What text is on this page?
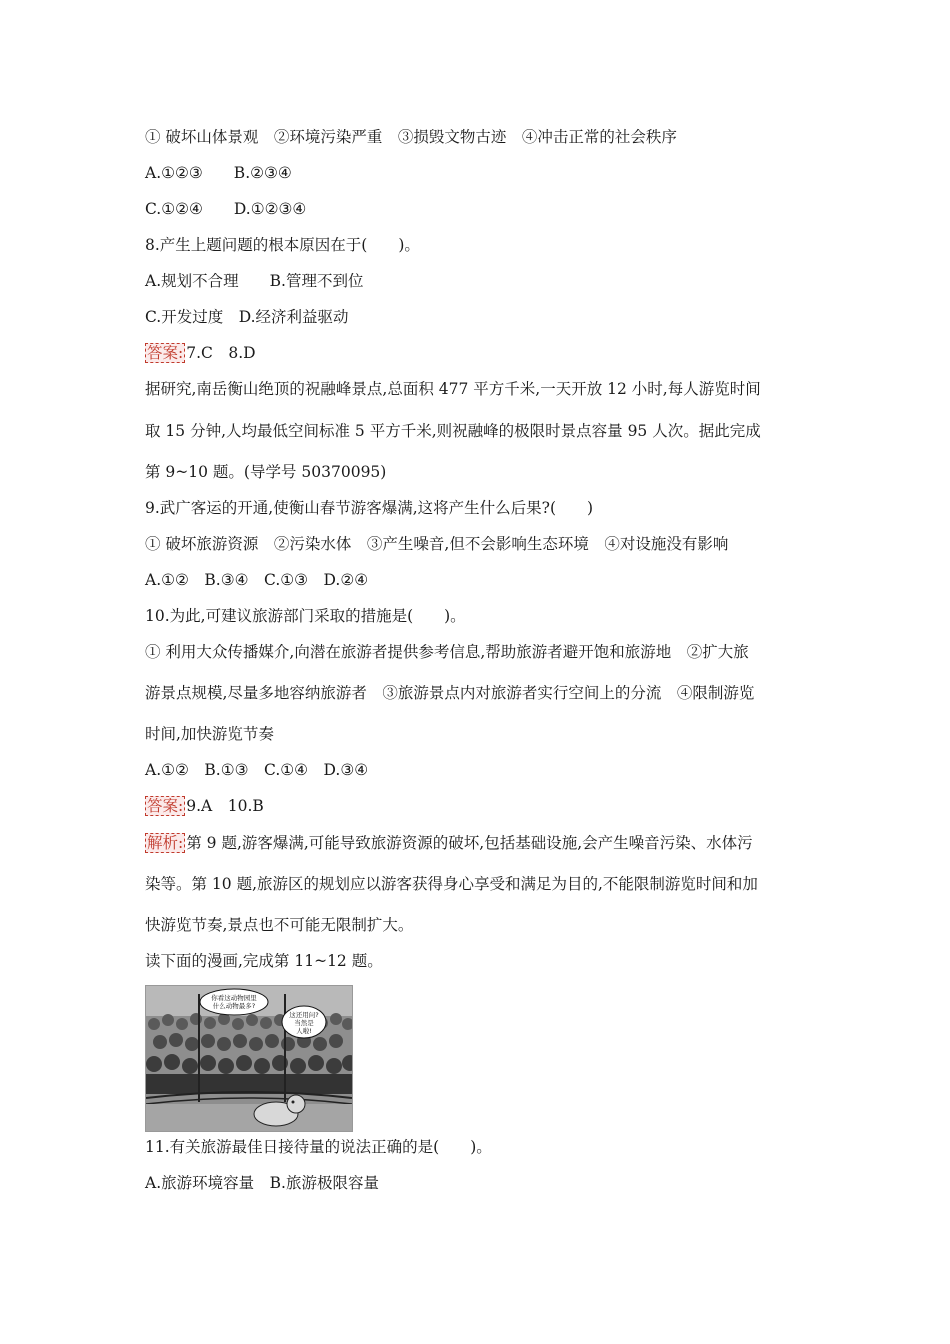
① 破坏山体景观　②环境污染严重　③损毁文物古迹　④冲击正常的社会秩序
A.①②③　　B.②③④
C.①②④　　D.①②③④
8.产生上题问题的根本原因在于(　　)。
A.规划不合理　　B.管理不到位
C.开发过度　D.经济利益驱动
答案: 7.C　8.D
据研究,南岳衡山绝顶的祝融峰景点,总面积 477 平方千米,一天开放 12 小时,每人游览时间
取 15 分钟,人均最低空间标准 5 平方千米,则祝融峰的极限时景点容量 95 人次。据此完成
第 9~10 题。(导学号 50370095)
9.武广客运的开通,使衡山春节游客爆满,这将产生什么后果?(　　)
① 破坏旅游资源　②污染水体　③产生噪音,但不会影响生态环境　④对设施没有影响
A.①②　B.③④　C.①③　D.②④
10.为此,可建议旅游部门采取的措施是(　　)。
① 利用大众传播媒介,向潜在旅游者提供参考信息,帮助旅游者避开饱和旅游地　②扩大旅
游景点规模,尽量多地容纳旅游者　③旅游景点内对旅游者实行空间上的分流　④限制游览
时间,加快游览节奏
A.①②　B.①③　C.①④　D.③④
答案: 9.A　10.B
解析: 第 9 题,游客爆满,可能导致旅游资源的破坏,包括基础设施,会产生噪音污染、水体污
染等。第 10 题,旅游区的规划应以游客获得身心享受和满足为目的,不能限制游览时间和加
快游览节奏,景点也不可能无限制扩大。
读下面的漫画,完成第 11~12 题。
你看这动物园里
什么动物最多?
这还用问?
当然是
人啦!
11.有关旅游最佳日接待量的说法正确的是(　　)。
A.旅游环境容量　B.旅游极限容量
